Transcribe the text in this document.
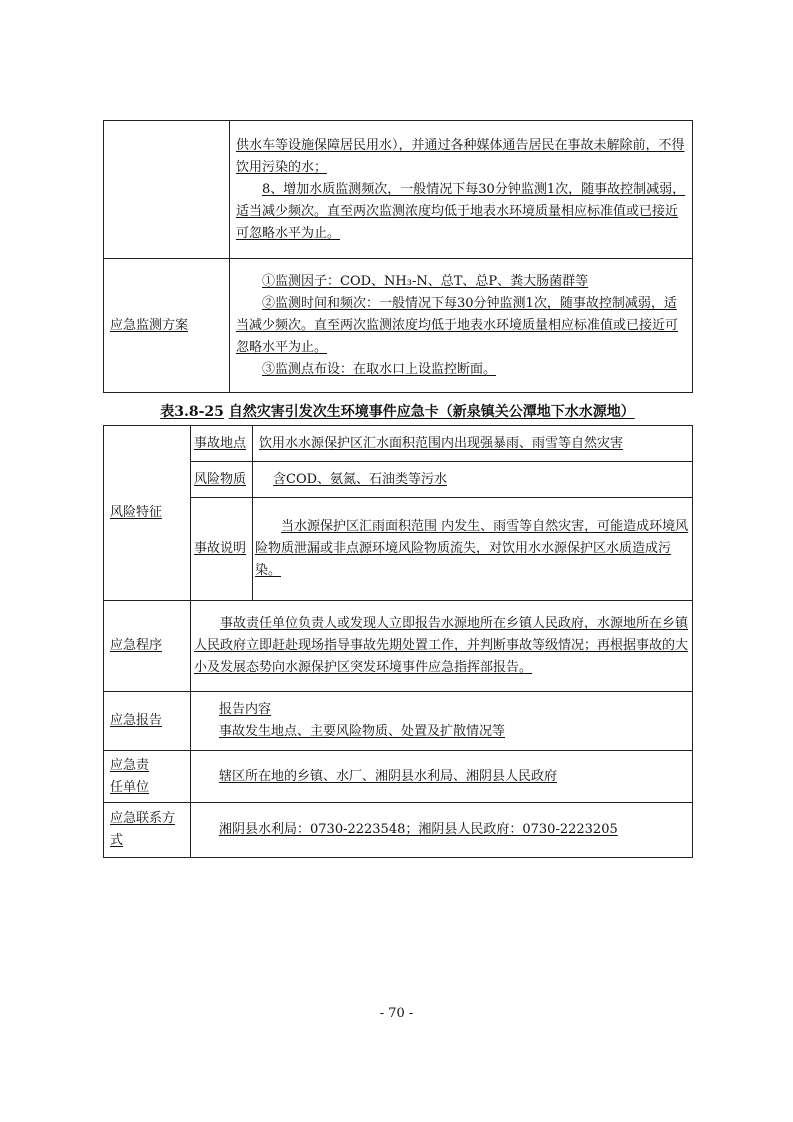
	供水车等设施保障居民用水），并通过各种媒体通告居民在事故未解除前，不得饮用污染的水；
8、增加水质监测频次，一般情况下每30分钟监测1次，随事故控制减弱，适当减少频次。直至两次监测浓度均低于地表水环境质量相应标准值或已接近可忽略水平为止。

应急监测方案	①监测因子：COD、NH₃-N、总T、总P、粪大肠菌群等
②监测时间和频次：一般情况下每30分钟监测1次，随事故控制减弱，适当减少频次。直至两次监测浓度均低于地表水环境质量相应标准值或已接近可忽略水平为止。
③监测点布设：在取水口上设监控断面。
表3.8-25 自然灾害引发次生环境事件应急卡（新泉镇关公潭地下水水源地）
风险特征	事故地点	饮用水水源保护区汇水面积范围内出现强暴雨、雨雪等自然灾害
	风险物质	含COD、氨氮、石油类等污水
	事故说明	当水源保护区汇雨面积范围 内发生、雨雪等自然灾害，可能造成环境风险物质泄漏或非点源环境风险物质流失，对饮用水水源保护区水质造成污染。
应急程序	事故责任单位负责人或发现人立即报告水源地所在乡镇人民政府，水源地所在乡镇人民政府立即赶赴现场指导事故先期处置工作，并判断事故等级情况；再根据事故的大小及发展态势向水源保护区突发环境事件应急指挥部报告。	
应急报告	报告内容
事故发生地点、主要风险物质、处置及扩散情况等	

应急责
任单位	辖区所在地的乡镇、水厂、湘阴县水利局、湘阴县人民政府	
应急联系方式	湘阴县水利局：0730-2223548；湘阴县人民政府：0730-2223205	
- 70 -
